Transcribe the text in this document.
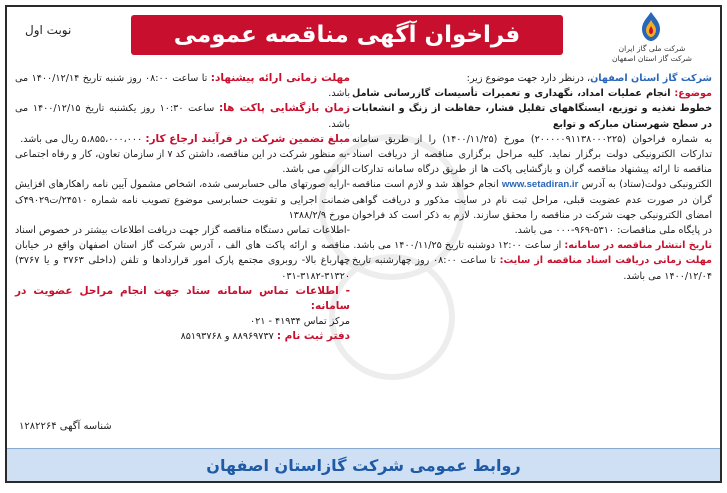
شرکت ملی گاز ایران
شرکت گاز استان اصفهان
فراخوان آگهی مناقصه عمومی
نوبت اول

شرکت گاز استان اصفهان، درنظر دارد جهت موضوع زیر:

موضوع: انجام عملیات امداد، نگهداری و تعمیرات تأسیسات گازرسانی شامل خطوط تغذیه و توزیع، ایستگاههای تقلیل فشار، حفاظت از زنگ و انشعابات در سطح شهرستان مبارکه و توابع

به شماره فراخوان (۲۰۰۰۰۰۹۱۱۳۸۰۰۰۲۲۵) مورخ (۱۴۰۰/۱۱/۲۵) را از طریق سامانه تدارکات الکترونیکی دولت برگزار نماید. کلیه مراحل برگزاری مناقصه از دریافت اسناد مناقصه تا ارائه پیشنهاد مناقصه گران و بازگشایی پاکت ها از طریق درگاه سامانه تدارکات الکترونیکی دولت(ستاد) به آدرس www.setadiran.ir انجام خواهد شد و لازم است مناقصه گران در صورت عدم عضویت قبلی، مراحل ثبت نام در سایت مذکور و دریافت گواهی امضای الکترونیکی جهت شرکت در مناقصه را محقق سازند. لازم به ذکر است کد فراخوان در پایگاه ملی مناقصات: ۵۳۱۰-۹۶۹-۰۰۰ می باشد.

تاریخ انتشار مناقصه در سامانه: از ساعت ۱۲:۰۰ دوشنبه تاریخ ۱۴۰۰/۱۱/۲۵ می باشد.

مهلت زمانی دریافت اسناد مناقصه از سایت: تا ساعت ۰۸:۰۰ روز چهارشنبه تاریخ ۱۴۰۰/۱۲/۰۴ می باشد.

مهلت زمانی ارائه پیشنهاد: تا ساعت ۰۸:۰۰ روز شنبه تاریخ ۱۴۰۰/۱۲/۱۴ می باشد.

زمان بازگشایی پاکت ها: ساعت ۱۰:۳۰ روز یکشنبه تاریخ ۱۴۰۰/۱۲/۱۵ می باشد.

مبلغ تضمین شرکت در فرآیند ارجاع کار: ۵،۸۵۵،۰۰۰،۰۰۰ ریال می باشد.

-به منظور شرکت در این مناقصه، داشتن کد ۷ از سازمان تعاون، کار و رفاه اجتماعی الزامی می باشد.

-ارایه صورتهای مالی حسابرسی شده، اشخاص مشمول آیین نامه راهکارهای افزایش ضمانت اجرایی و تقویت حسابرسی موضوع تصویب نامه شماره ۲۴۵۱۰/ت۴۹۰۲۹ک مورخ ۱۳۸۸/۲/۹

-اطلاعات تماس دستگاه مناقصه گزار جهت دریافت اطلاعات بیشتر در خصوص اسناد مناقصه و ارائه پاکت های الف ، آدرس شرکت گاز استان اصفهان واقع در خیابان چهارباغ بالا- روبروی مجتمع پارک امور قراردادها و تلفن (داخلی ۳۷۶۳ و یا ۳۷۶۷) ۳۱۳۲۰-۳۱۸۲-۰۳۱

- اطلاعات تماس سامانه ستاد جهت انجام مراحل عضویت در سامانه:

مرکز تماس ۴۱۹۳۴ - ۰۲۱

دفتر ثبت نام : ۸۸۹۶۹۷۳۷ و ۸۵۱۹۳۷۶۸

شناسه آگهی ۱۲۸۲۲۶۴
روابط عمومی شرکت گازاستان اصفهان
